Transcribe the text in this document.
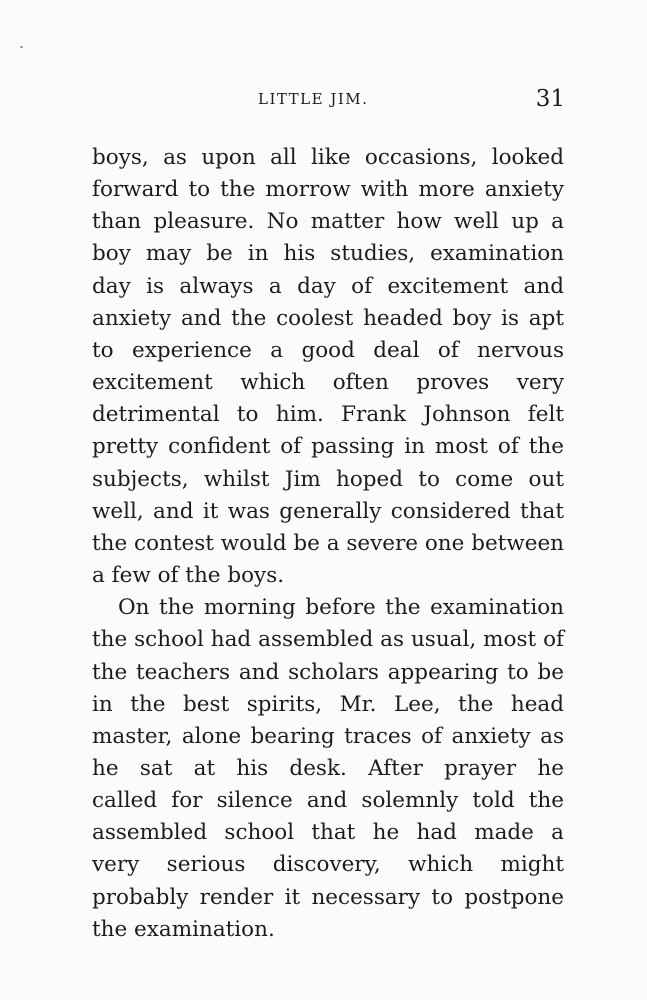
LITTLE JIM.	31
boys, as upon all like occasions, looked
forward to the morrow with more anxiety
than pleasure. No matter how well up a
boy may be in his studies, examination
day is always a day of excitement and
anxiety and the coolest headed boy is apt
to experience a good deal of nervous
excitement which often proves very
detrimental to him. Frank Johnson felt
pretty confident of passing in most of the
subjects, whilst Jim hoped to come out
well, and it was generally considered that
the contest would be a severe one between
a few of the boys.
On the morning before the examination
the school had assembled as usual, most of
the teachers and scholars appearing to be
in the best spirits, Mr. Lee, the head
master, alone bearing traces of anxiety as
he sat at his desk. After prayer he
called for silence and solemnly told the
assembled school that he had made a
very serious discovery, which might
probably render it necessary to postpone
the examination.
